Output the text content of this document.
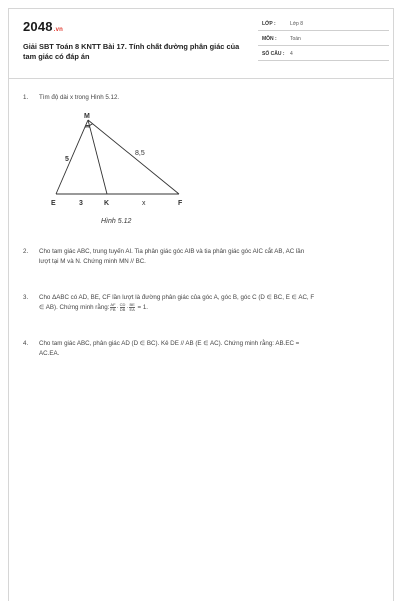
2048.vn
Giải SBT Toán 8 KNTT Bài 17. Tính chất đường phân giác của tam giác có đáp án
LỚP :	Lớp 8
MÔN :	Toán
SỐ CÂU : 4
1. Tìm độ dài x trong Hình 5.12.
M
E	K	F
5
8,5
3	x
Hình 5.12
2. Cho tam giác ABC, trung tuyến AI. Tia phân giác góc AIB và tia phân giác góc AIC cắt AB, AC lần
lượt tại M và N. Chứng minh MN // BC.
3. Cho ΔABC có AD, BE, CF lần lượt là đường phân giác của góc A, góc B, góc C (D ∈ BC, E ∈ AC, F
∈ AB). Chứng minh rằng: $\frac{AF}{FB} \cdot \frac{CD}{DB} \cdot \frac{BE}{EA} = 1$.
4. Cho tam giác ABC, phân giác AD (D ∈ BC). Kẻ DE // AB (E ∈ AC). Chứng minh rằng: AB.EC =
AC.EA.
